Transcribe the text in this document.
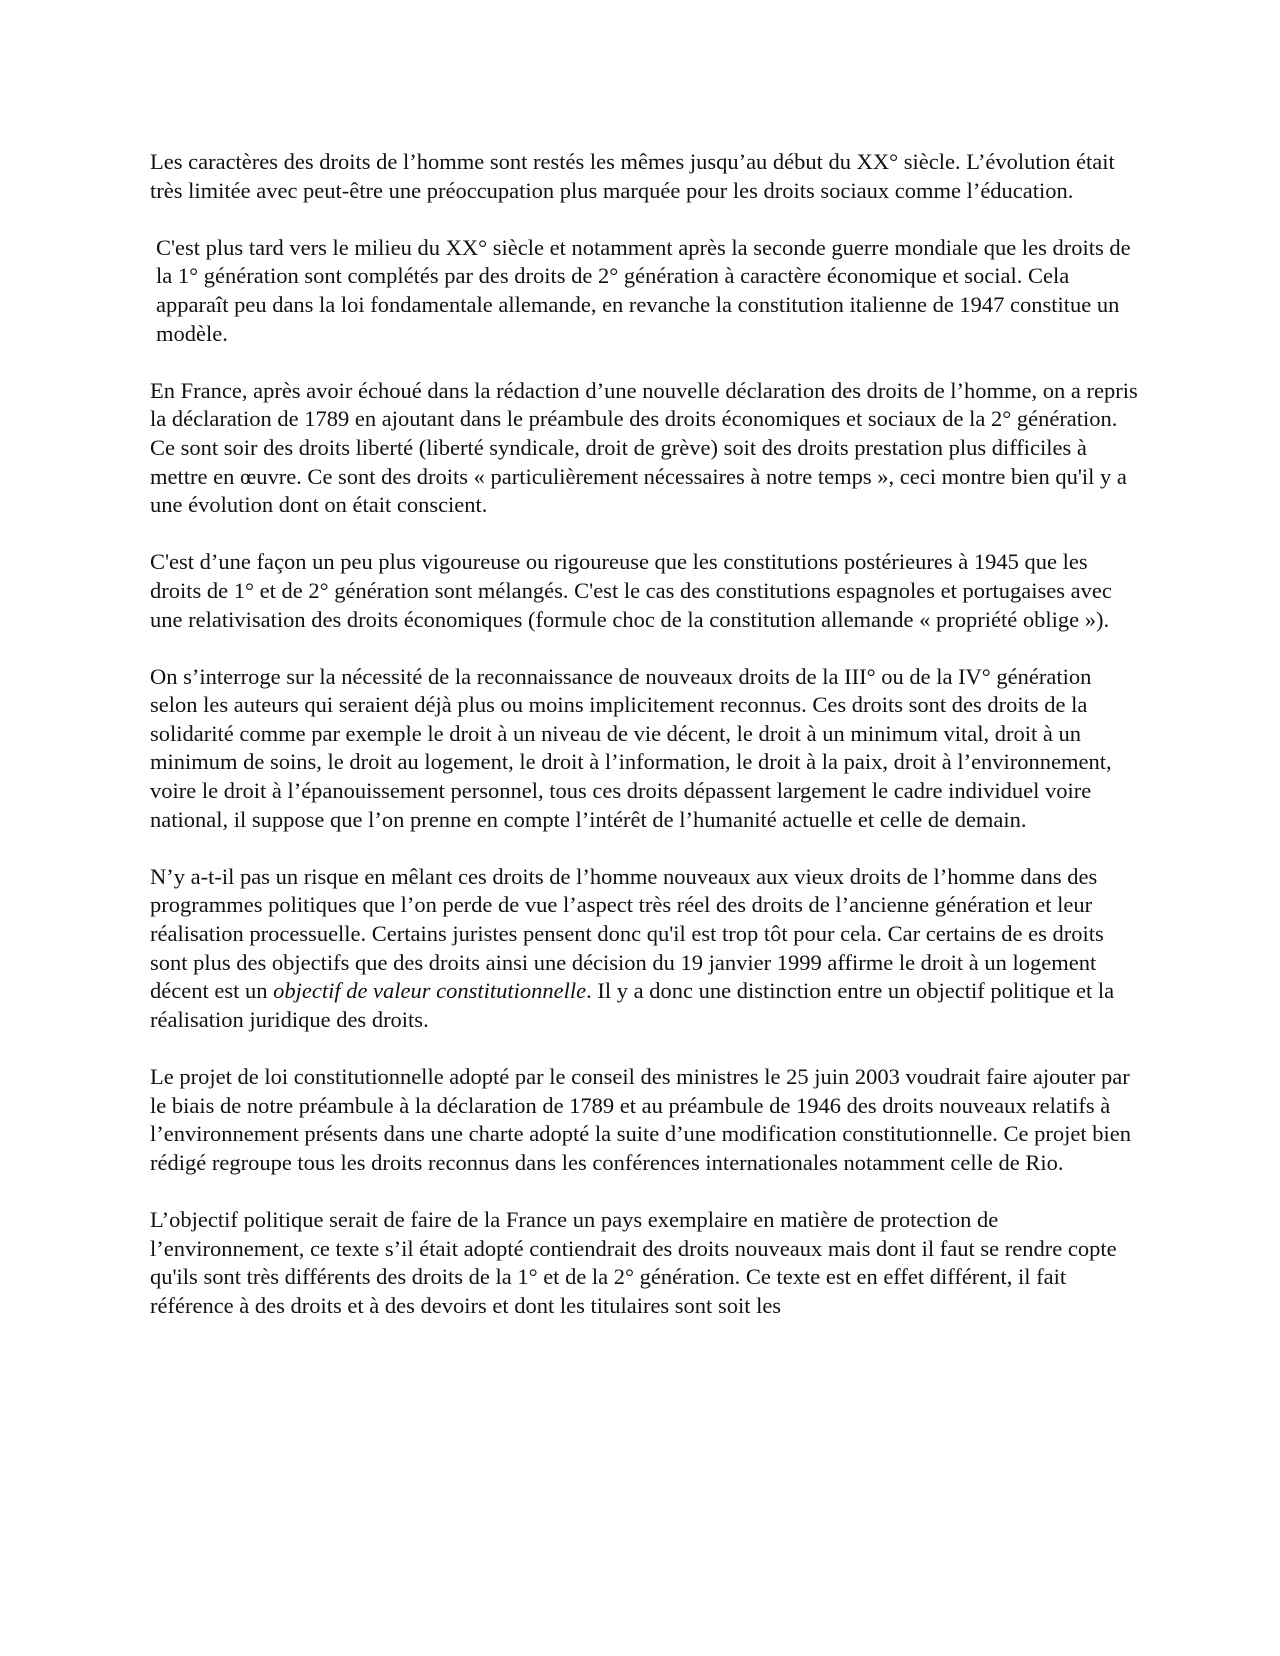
Les caractères des droits de l’homme sont restés les mêmes jusqu’au début du XX° siècle. L’évolution était très limitée avec peut-être une préoccupation plus marquée pour les droits sociaux comme l’éducation.

C'est plus tard vers le milieu du XX° siècle et notamment après la seconde guerre mondiale que les droits de la 1° génération sont complétés par des droits de 2° génération à caractère économique et social. Cela apparaît peu dans la loi fondamentale allemande, en revanche la constitution italienne de 1947 constitue un modèle.

En France, après avoir échoué dans la rédaction d’une nouvelle déclaration des droits de l’homme, on a repris la déclaration de 1789 en ajoutant dans le préambule des droits économiques et sociaux de la 2° génération. Ce sont soir des droits liberté (liberté syndicale, droit de grève) soit des droits prestation plus difficiles à mettre en œuvre. Ce sont des droits « particulièrement nécessaires à notre temps », ceci montre bien qu'il y a une évolution dont on était conscient.

C'est d’une façon un peu plus vigoureuse ou rigoureuse que les constitutions postérieures à 1945 que les droits de 1° et de 2° génération sont mélangés. C'est le cas des constitutions espagnoles et portugaises avec une relativisation des droits économiques (formule choc de la constitution allemande « propriété oblige »).

On s’interroge sur la nécessité de la reconnaissance de nouveaux droits de la III° ou de la IV° génération selon les auteurs qui seraient déjà plus ou moins implicitement reconnus. Ces droits sont des droits de la solidarité comme par exemple le droit à un niveau de vie décent, le droit à un minimum vital, droit à un minimum de soins, le droit au logement, le droit à l’information, le droit à la paix, droit à l’environnement, voire le droit à l’épanouissement personnel, tous ces droits dépassent largement le cadre individuel voire national, il suppose que l’on prenne en compte l’intérêt de l’humanité actuelle et celle de demain.

N’y a-t-il pas un risque en mêlant ces droits de l’homme nouveaux aux vieux droits de l’homme dans des programmes politiques que l’on perde de vue l’aspect très réel des droits de l’ancienne génération et leur réalisation processuelle. Certains juristes pensent donc qu'il est trop tôt pour cela. Car certains de es droits sont plus des objectifs que des droits ainsi une décision du 19 janvier 1999 affirme le droit à un logement décent est un objectif de valeur constitutionnelle. Il y a donc une distinction entre un objectif politique et la réalisation juridique des droits.

Le projet de loi constitutionnelle adopté par le conseil des ministres le 25 juin 2003 voudrait faire ajouter par le biais de notre préambule à la déclaration de 1789 et au préambule de 1946 des droits nouveaux relatifs à l’environnement présents dans une charte adopté la suite d’une modification constitutionnelle. Ce projet bien rédigé regroupe tous les droits reconnus dans les conférences internationales notamment celle de Rio.

L’objectif politique serait de faire de la France un pays exemplaire en matière de protection de l’environnement, ce texte s’il était adopté contiendrait des droits nouveaux mais dont il faut se rendre copte qu'ils sont très différents des droits de la 1° et de la 2° génération. Ce texte est en effet différent, il fait référence à des droits et à des devoirs et dont les titulaires sont soit les
